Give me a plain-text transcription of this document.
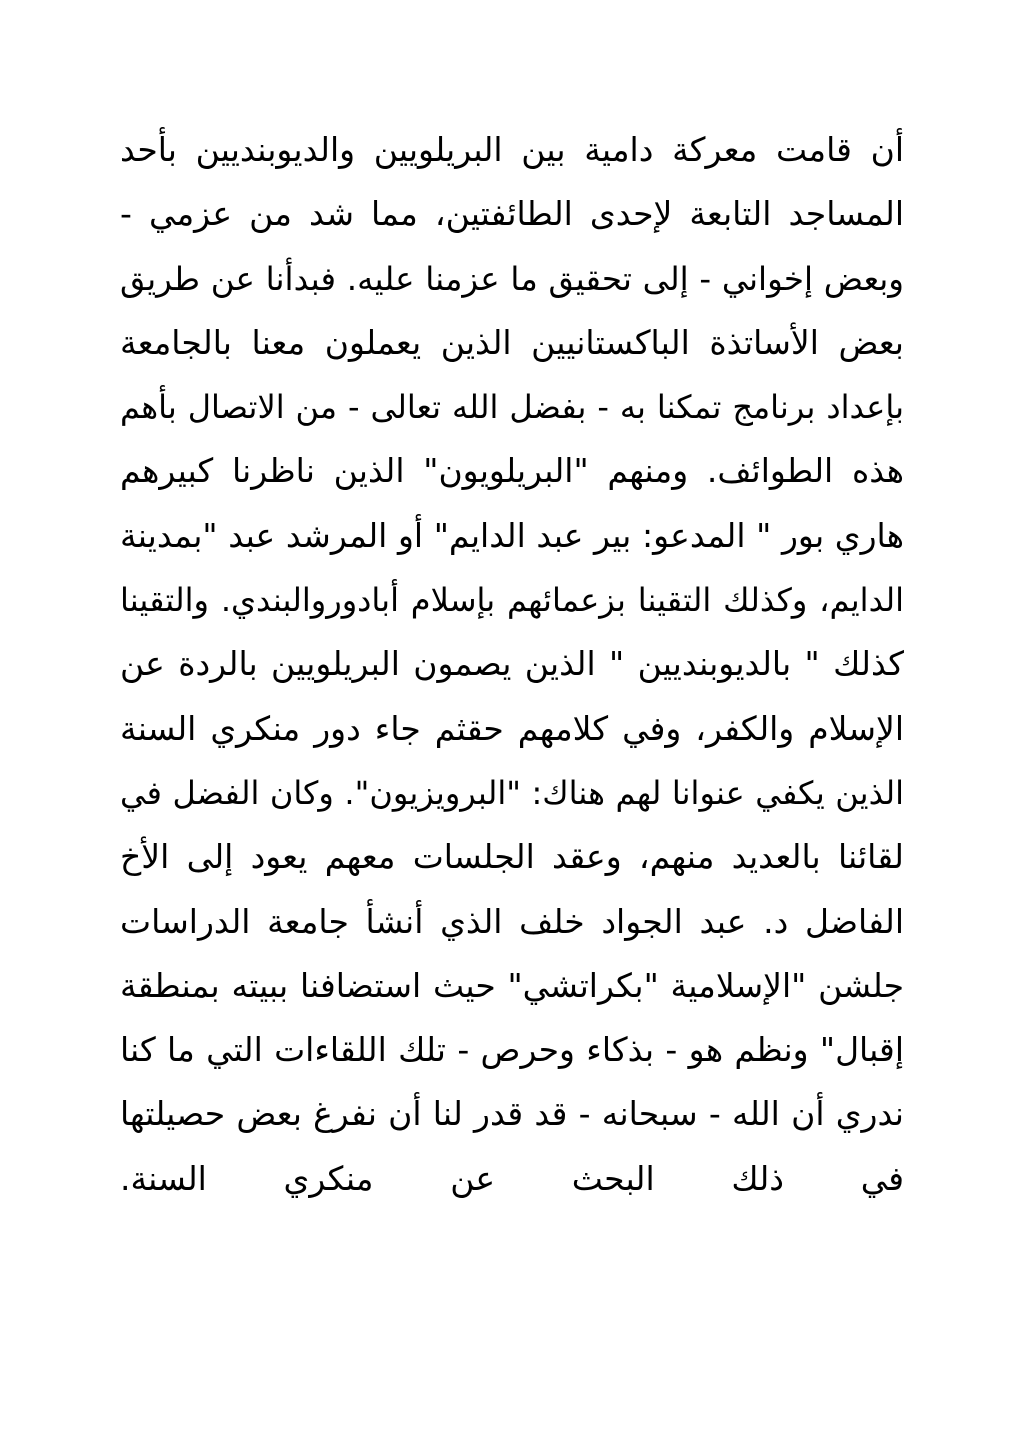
أن قامت معركة دامية بين البريلويين والديوبنديين بأحد
المساجد التابعة لإحدى الطائفتين، مما شد من عزمي -
وبعض إخواني - إلى تحقيق ما عزمنا عليه. فبدأنا عن طريق
بعض الأساتذة الباكستانيين الذين يعملون معنا بالجامعة
بإعداد برنامج تمكنا به - بفضل الله تعالى - من الاتصال بأهم
هذه الطوائف. ومنهم "البريلويون" الذين ناظرنا كبيرهم
هاري بور " المدعو: بير عبد الدايم" أو المرشد عبد "بمدينة
الدايم، وكذلك التقينا بزعمائهم بإسلام أبادوروالبندي. والتقينا
كذلك " بالديوبنديين " الذين يصمون البريلويين بالردة عن
الإسلام والكفر، وفي كلامهم حقثم جاء دور منكري السنة
الذين يكفي عنوانا لهم هناك: "البرويزيون". وكان الفضل في
لقائنا بالعديد منهم، وعقد الجلسات معهم يعود إلى الأخ
الفاضل د. عبد الجواد خلف الذي أنشأ جامعة الدراسات
جلشن "الإسلامية "بكراتشي" حيث استضافنا ببيته بمنطقة
إقبال" ونظم هو - بذكاء وحرص - تلك اللقاءات التي ما كنا
ندري أن الله - سبحانه - قد قدر لنا أن نفرغ بعض حصيلتها
في ذلك البحث عن منكري السنة.
